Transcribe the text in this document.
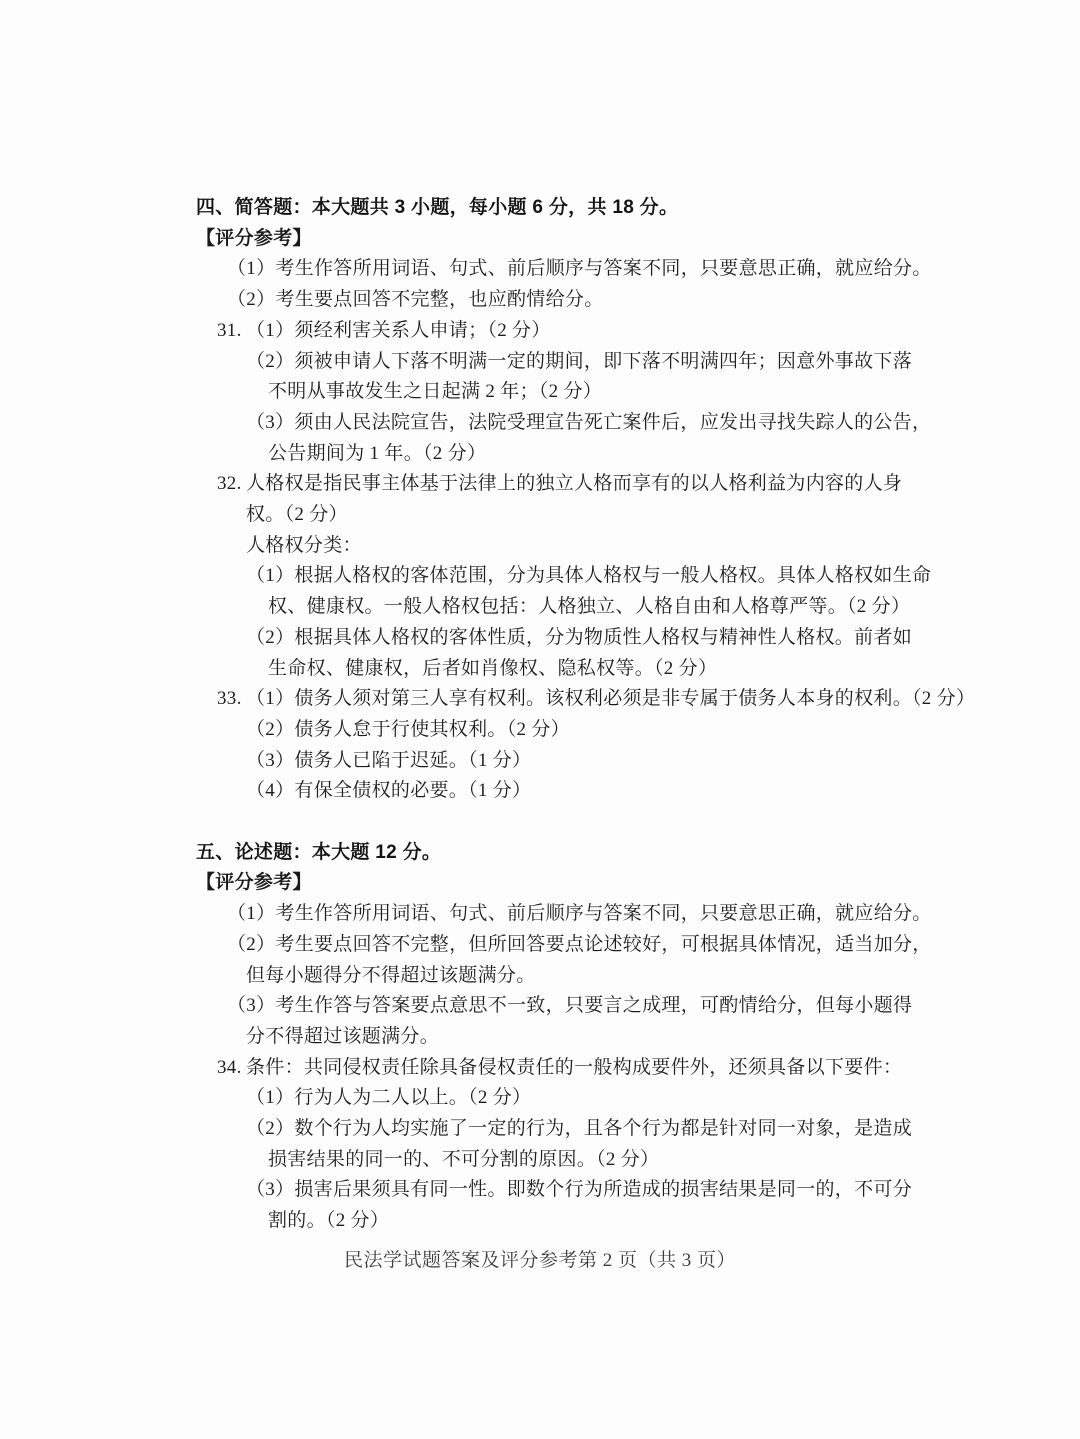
四、简答题：本大题共 3 小题，每小题 6 分，共 18 分。
【评分参考】
（1）考生作答所用词语、句式、前后顺序与答案不同，只要意思正确，就应给分。
（2）考生要点回答不完整，也应酌情给分。
31. （1）须经利害关系人申请；（2 分）
（2）须被申请人下落不明满一定的期间，即下落不明满四年；因意外事故下落
不明从事故发生之日起满 2 年；（2 分）
（3）须由人民法院宣告，法院受理宣告死亡案件后，应发出寻找失踪人的公告，
公告期间为 1 年。（2 分）
32. 人格权是指民事主体基于法律上的独立人格而享有的以人格利益为内容的人身
权。（2 分）
人格权分类：
（1）根据人格权的客体范围，分为具体人格权与一般人格权。具体人格权如生命
权、健康权。一般人格权包括：人格独立、人格自由和人格尊严等。（2 分）
（2）根据具体人格权的客体性质，分为物质性人格权与精神性人格权。前者如
生命权、健康权，后者如肖像权、隐私权等。（2 分）
33. （1）债务人须对第三人享有权利。该权利必须是非专属于债务人本身的权利。（2 分）
（2）债务人怠于行使其权利。（2 分）
（3）债务人已陷于迟延。（1 分）
（4）有保全债权的必要。（1 分）
五、论述题：本大题 12 分。
【评分参考】
（1）考生作答所用词语、句式、前后顺序与答案不同，只要意思正确，就应给分。
（2）考生要点回答不完整，但所回答要点论述较好，可根据具体情况，适当加分，
但每小题得分不得超过该题满分。
（3）考生作答与答案要点意思不一致，只要言之成理，可酌情给分，但每小题得
分不得超过该题满分。
34. 条件：共同侵权责任除具备侵权责任的一般构成要件外，还须具备以下要件：
（1）行为人为二人以上。（2 分）
（2）数个行为人均实施了一定的行为，且各个行为都是针对同一对象，是造成
损害结果的同一的、不可分割的原因。（2 分）
（3）损害后果须具有同一性。即数个行为所造成的损害结果是同一的，不可分
割的。（2 分）
民法学试题答案及评分参考第 2 页（共 3 页）
